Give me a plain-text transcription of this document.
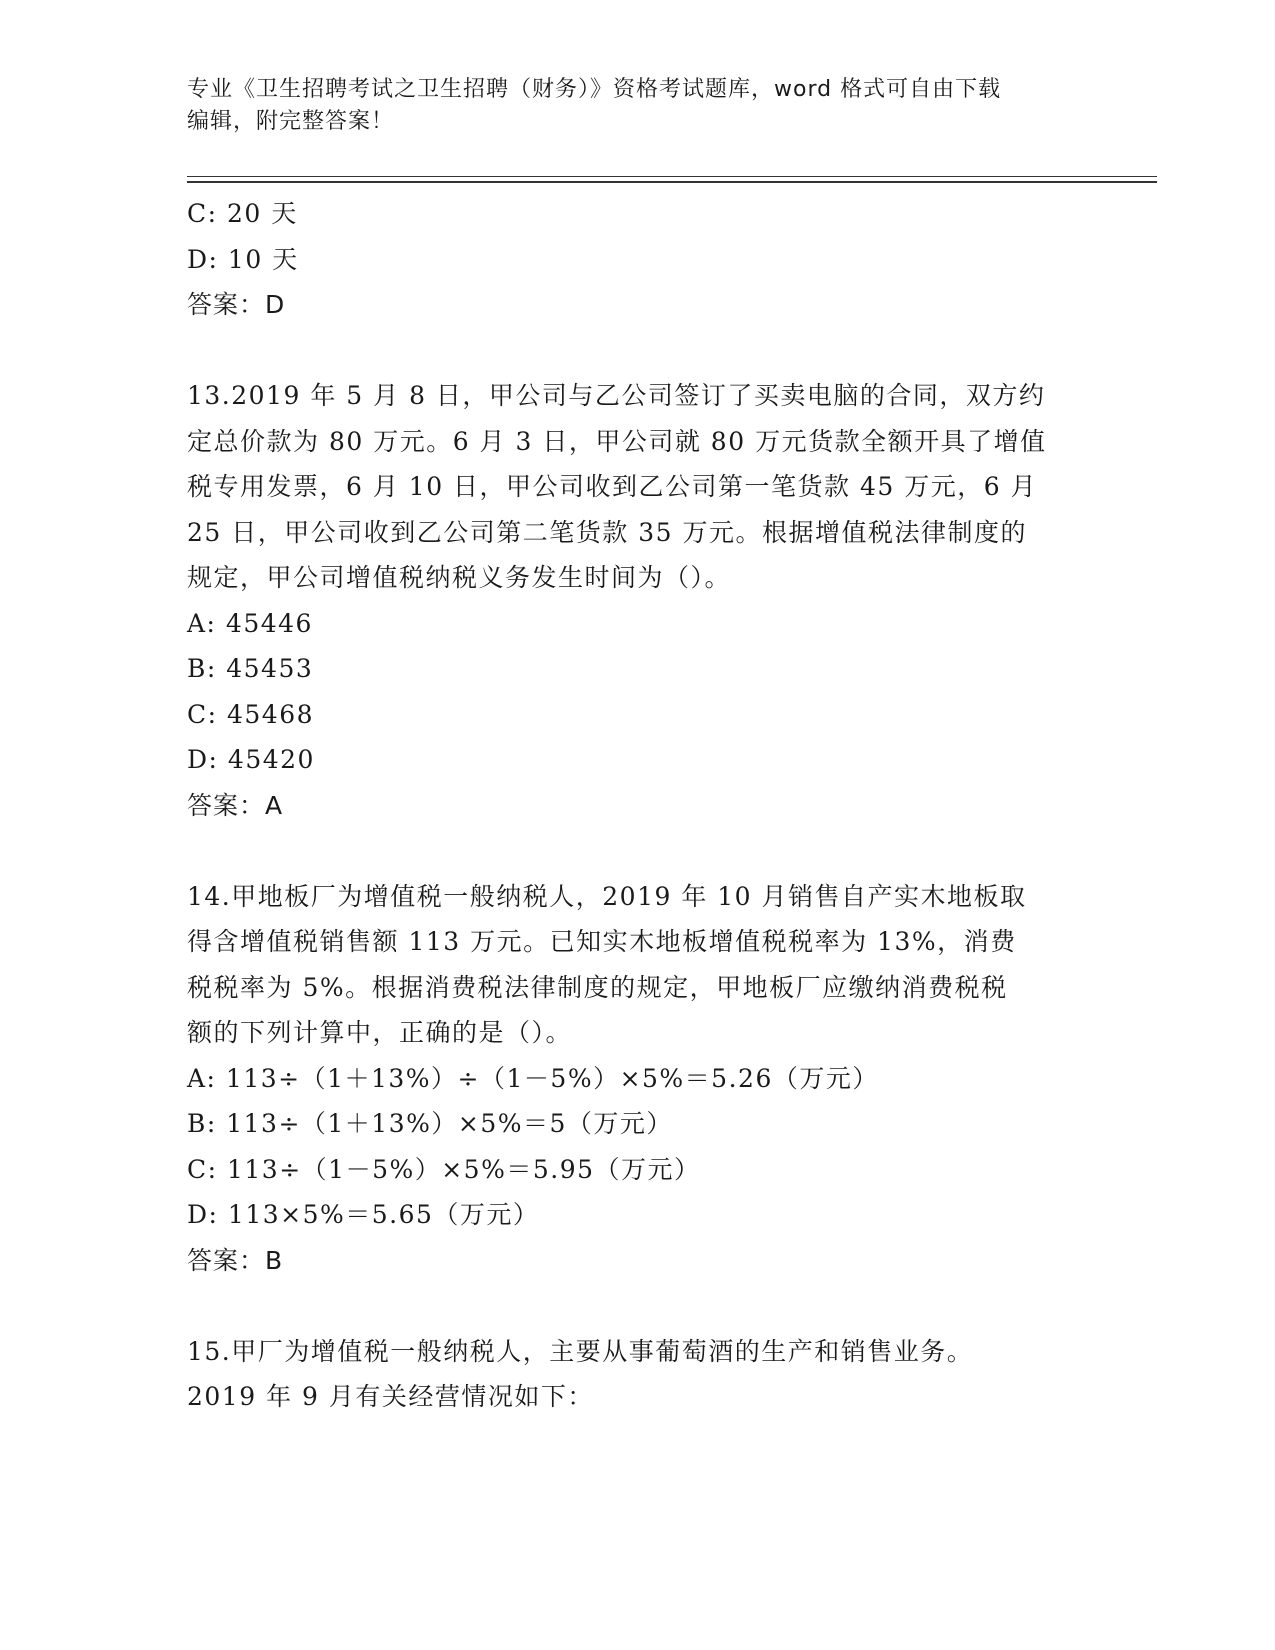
专业《卫生招聘考试之卫生招聘（财务）》资格考试题库，word 格式可自由下载
编辑，附完整答案！
C: 20 天
D: 10 天
答案：D
13.2019 年 5 月 8 日，甲公司与乙公司签订了买卖电脑的合同，双方约
定总价款为 80 万元。6 月 3 日，甲公司就 80 万元货款全额开具了增值
税专用发票，6 月 10 日，甲公司收到乙公司第一笔货款 45 万元，6 月
25 日，甲公司收到乙公司第二笔货款 35 万元。根据增值税法律制度的
规定，甲公司增值税纳税义务发生时间为（）。
A: 45446
B: 45453
C: 45468
D: 45420
答案：A
14.甲地板厂为增值税一般纳税人，2019 年 10 月销售自产实木地板取
得含增值税销售额 113 万元。已知实木地板增值税税率为 13%，消费
税税率为 5%。根据消费税法律制度的规定，甲地板厂应缴纳消费税税
额的下列计算中，正确的是（）。
A: 113÷（1＋13%）÷（1－5%）×5%＝5.26（万元）
B: 113÷（1＋13%）×5%＝5（万元）
C: 113÷（1－5%）×5%＝5.95（万元）
D: 113×5%＝5.65（万元）
答案：B
15.甲厂为增值税一般纳税人，主要从事葡萄酒的生产和销售业务。
2019 年 9 月有关经营情况如下：
